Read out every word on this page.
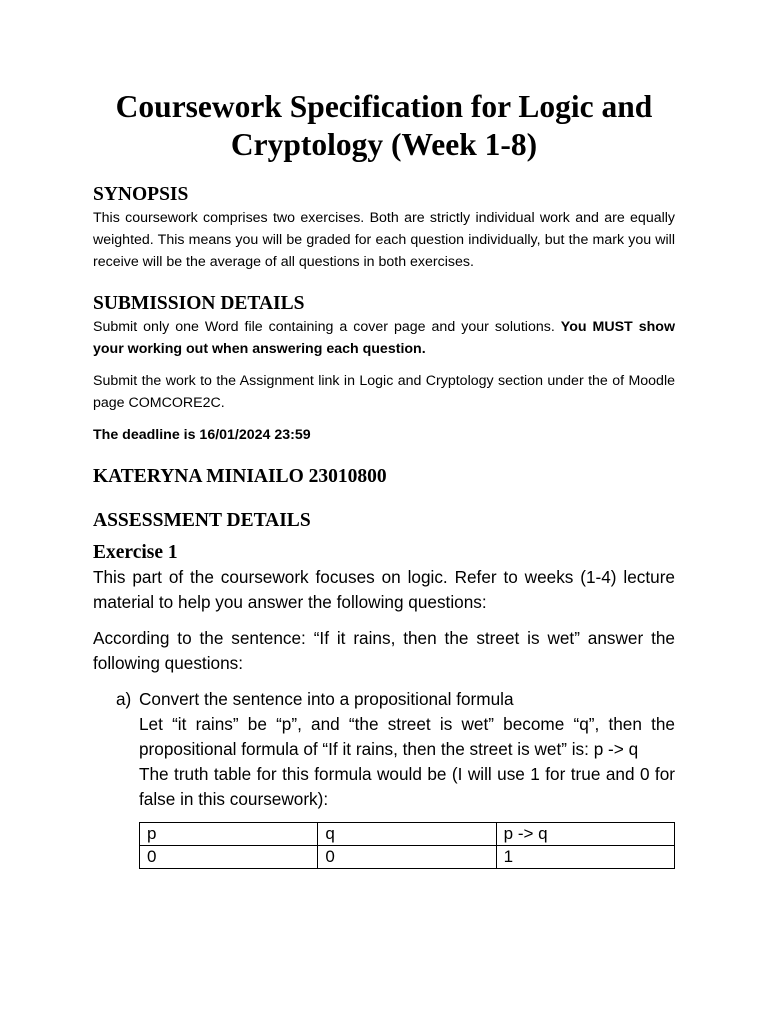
Coursework Specification for Logic and Cryptology (Week 1-8)
SYNOPSIS

This coursework comprises two exercises. Both are strictly individual work and are equally weighted. This means you will be graded for each question individually, but the mark you will receive will be the average of all questions in both exercises.

SUBMISSION DETAILS

Submit only one Word file containing a cover page and your solutions. You MUST show your working out when answering each question.

Submit the work to the Assignment link in Logic and Cryptology section under the of Moodle page COMCORE2C.

The deadline is 16/01/2024 23:59

KATERYNA MINIAILO 23010800
ASSESSMENT DETAILS
Exercise 1

This part of the coursework focuses on logic. Refer to weeks (1-4) lecture material to help you answer the following questions:

According to the sentence: “If it rains, then the street is wet” answer the following questions:

a) Convert the sentence into a propositional formula

Let “it rains” be “p”, and “the street is wet” become “q”, then the propositional formula of “If it rains, then the street is wet” is: p -> q

The truth table for this formula would be (I will use 1 for true and 0 for false in this coursework):

p	q	p -> q
0	0	1
